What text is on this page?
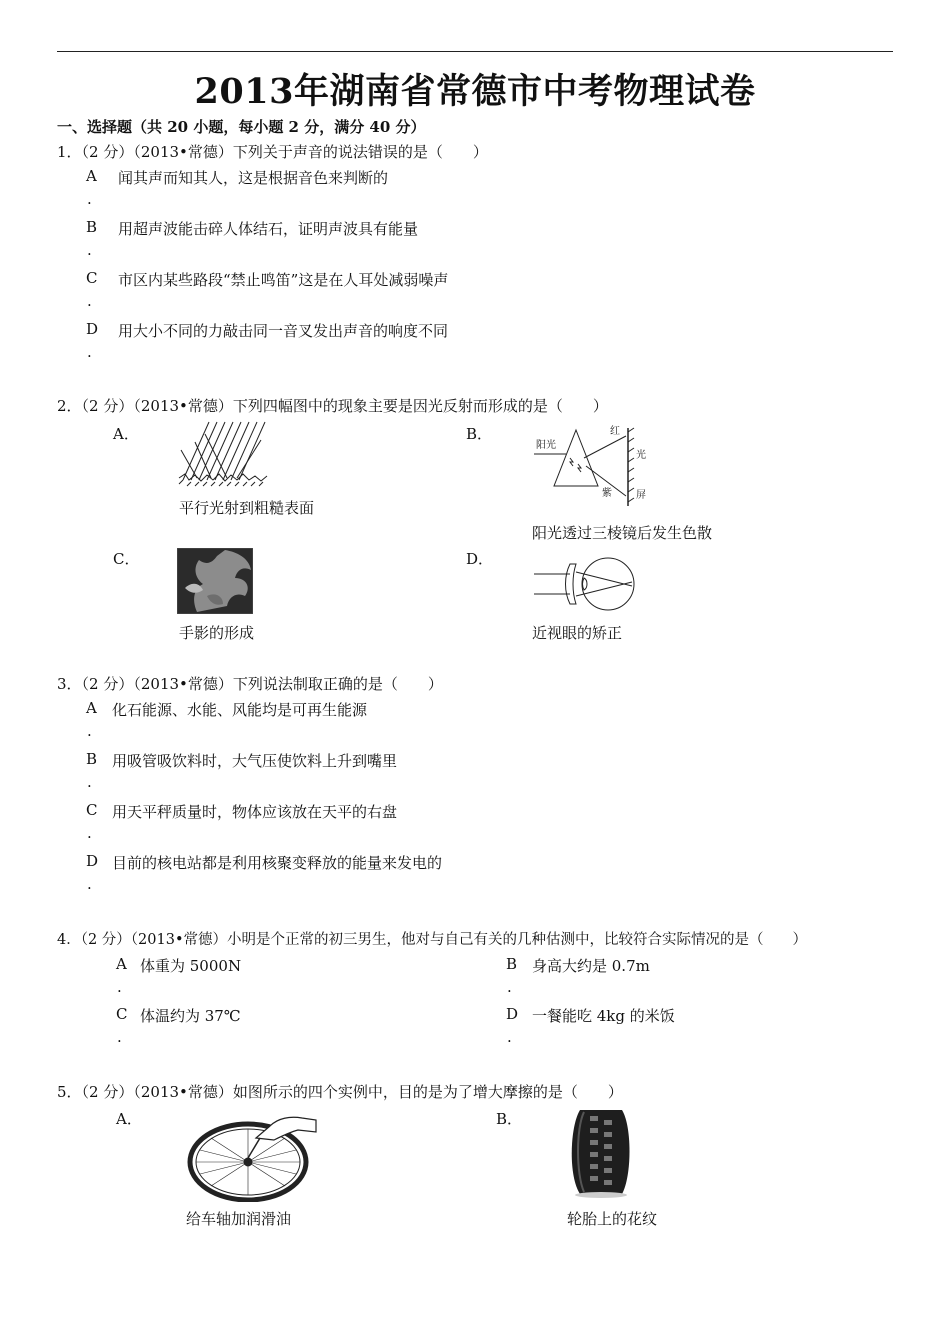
2013年湖南省常德市中考物理试卷
一、选择题（共 20 小题，每小题 2 分，满分 40 分）
1．（2 分）（2013•常德）下列关于声音的说法错误的是（　　）
A 闻其声而知其人，这是根据音色来判断的
.
B 用超声波能击碎人体结石，证明声波具有能量
.
C 市区内某些路段“禁止鸣笛”这是在人耳处减弱噪声
.
D 用大小不同的力敲击同一音叉发出声音的响度不同
.
2．（2 分）（2013•常德）下列四幅图中的现象主要是因光反射而形成的是（　　）
A．
平行光射到粗糙表面
B．
阳光
红
光
紫 屏
阳光透过三棱镜后发生色散
C．
手影的形成
D．
近视眼的矫正
3．（2 分）（2013•常德）下列说法制取正确的是（　　）
A 化石能源、水能、风能均是可再生能源
.
B 用吸管吸饮料时，大气压使饮料上升到嘴里
.
C 用天平秤质量时，物体应该放在天平的右盘
.
D 目前的核电站都是利用核聚变释放的能量来发电的
.
4．（2 分）（2013•常德）小明是个正常的初三男生，他对与自己有关的几种估测中，比较符合实际情况的是（　　）
A 体重为 5000N
.
B 身高大约是 0.7m
.
C 体温约为 37℃
.
D 一餐能吃 4kg 的米饭
.
5．（2 分）（2013•常德）如图所示的四个实例中，目的是为了增大摩擦的是（　　）
A．
给车轴加润滑油
B．
轮胎上的花纹
